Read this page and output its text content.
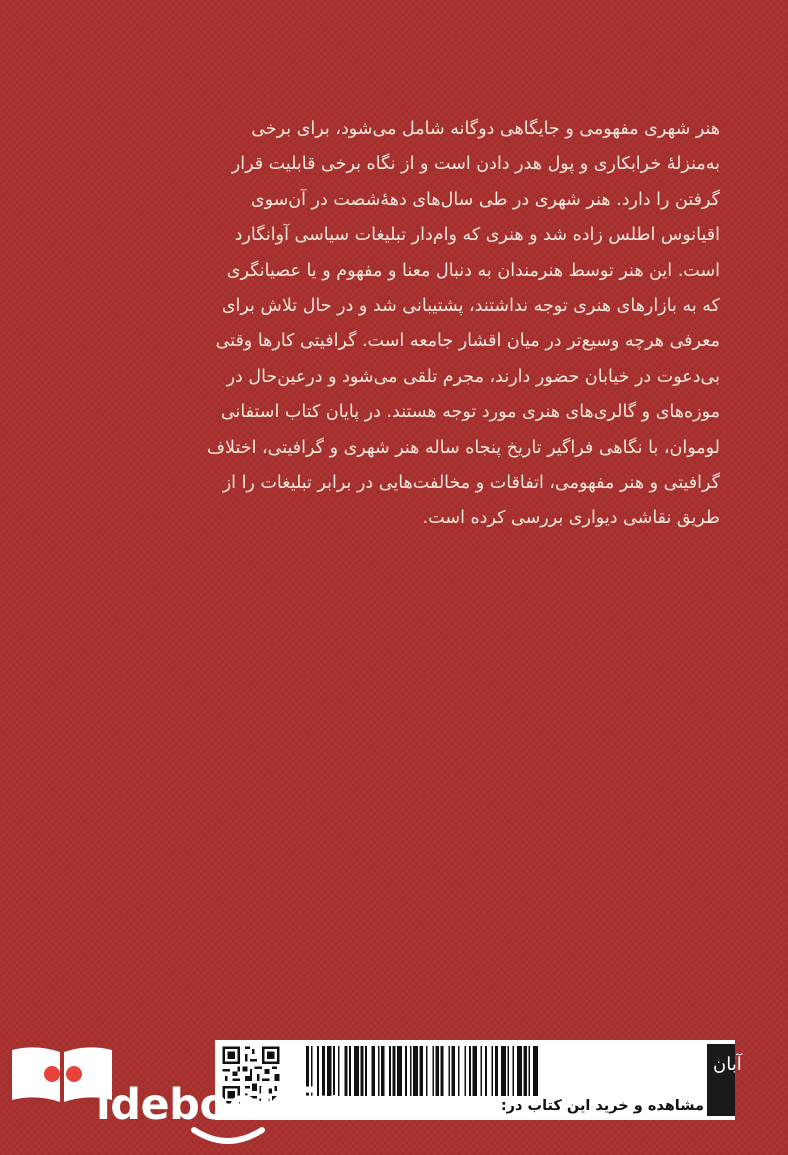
هنر شهری مفهومی و جایگاهی دوگانه شامل می‌شود، برای برخی
به‌منزلهٔ خرابکاری و پول هدر دادن است و از نگاه برخی قابلیت قرار
گرفتن را دارد. هنر شهری در طی سال‌های دهه‌ٔشصت در آن‌سوی
اقیانوس اطلس زاده شد و هنری که وام‌دار تبلیغات سیاسی آوانگارد
است. این هنر توسط هنرمندان به دنبال معنا و مفهوم و یا عصیانگری
که به بازارهای هنری توجه نداشتند، پشتیبانی شد و در حال تلاش برای
معرفی هرچه وسیع‌تر در میان اقشار جامعه است. گرافیتی کارها وقتی
بی‌دعوت در خیابان حضور دارند، مجرم تلقی می‌شود و درعین‌حال در
موزه‌های و گالری‌های هنری مورد توجه هستند. در پایان کتاب استفانی
لوموان، با نگاهی فراگیر تاریخ پنجاه ساله هنر شهری و گرافیتی، اختلاف
گرافیتی و هنر مفهومی، اتفاقات و مخالفت‌هایی در برابر تبلیغات را از
طریق نقاشی دیواری بررسی کرده است.
آبان
مشاهده و خرید این کتاب در:
idebook.ir
